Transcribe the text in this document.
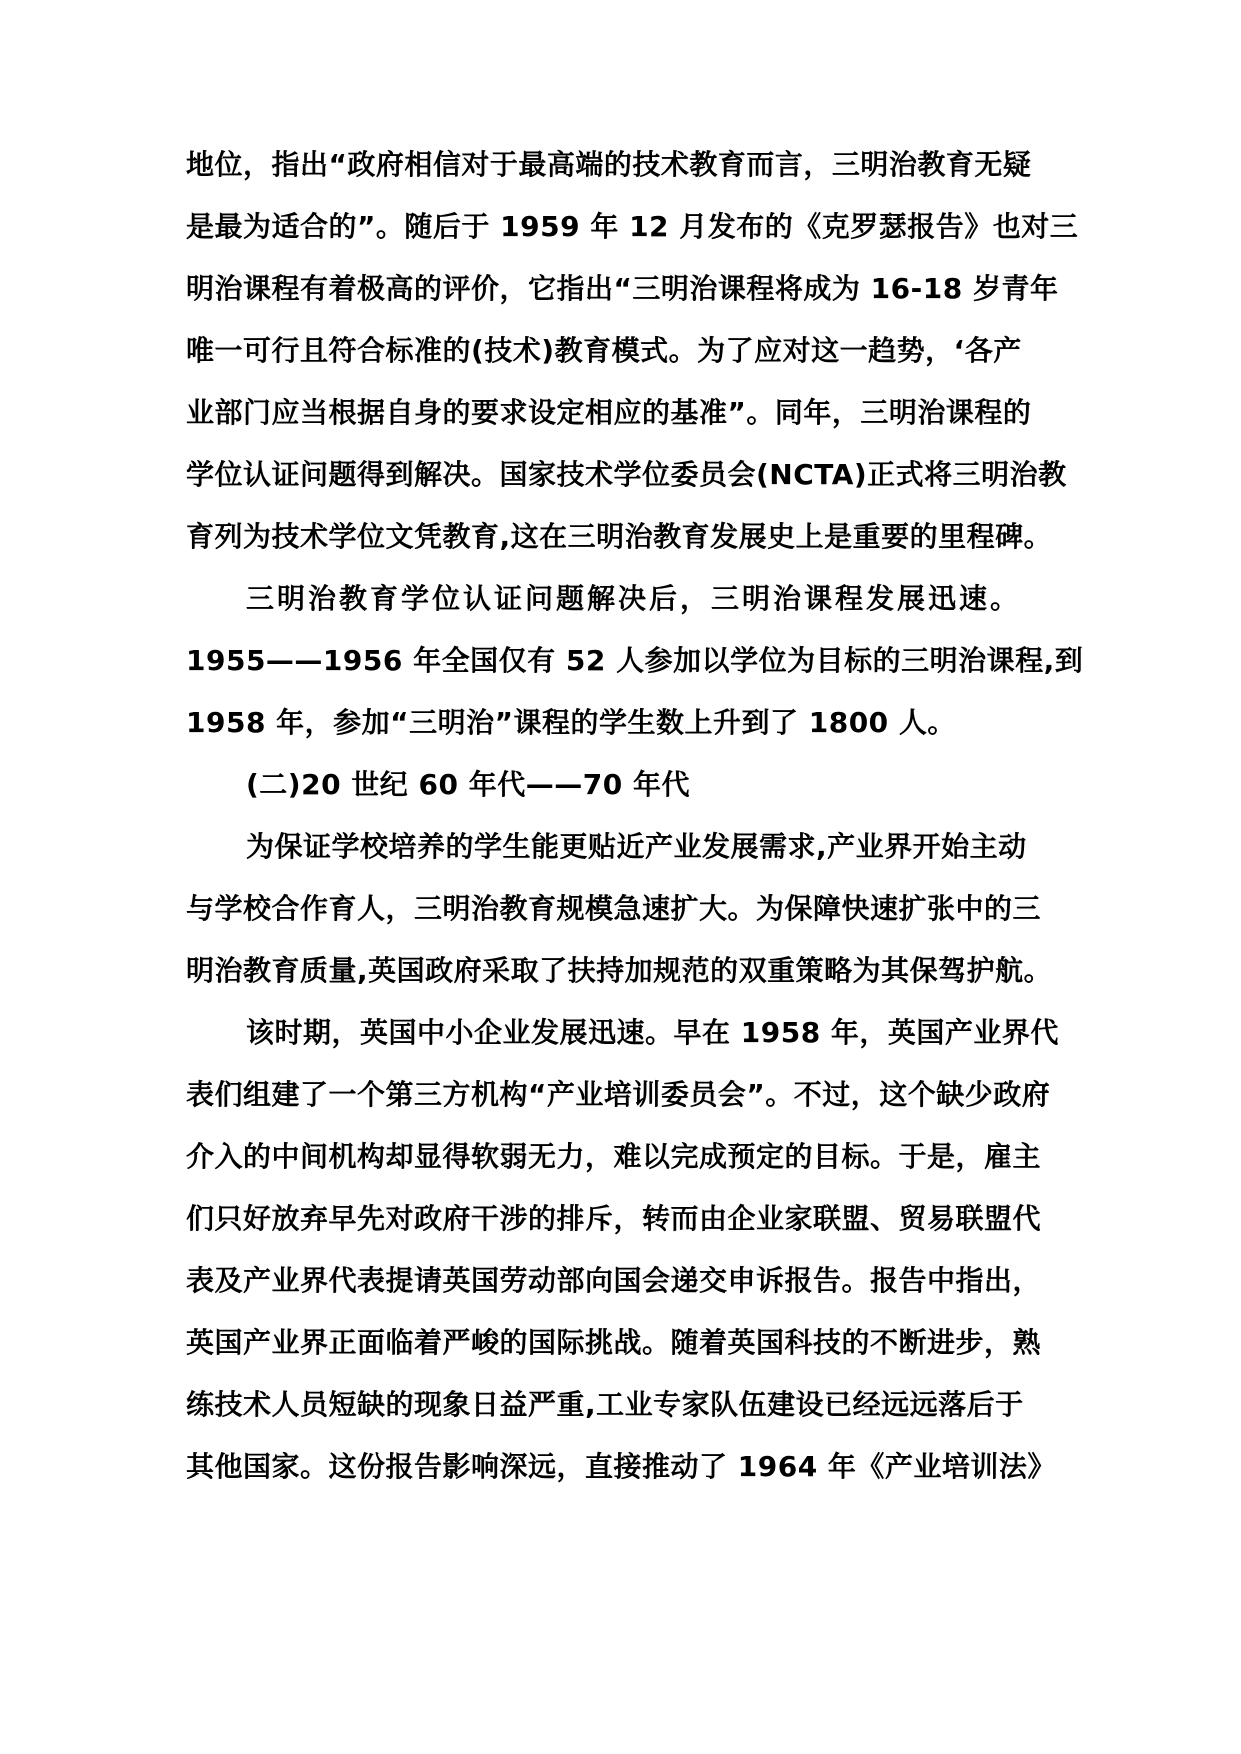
地位，指出“政府相信对于最高端的技术教育而言，三明治教育无疑
是最为适合的”。随后于 1959 年 12 月发布的《克罗瑟报告》也对三
明治课程有着极高的评价，它指出“三明治课程将成为 16-18 岁青年
唯一可行且符合标准的(技术)教育模式。为了应对这一趋势，‘各产
业部门应当根据自身的要求设定相应的基准”。同年，三明治课程的
学位认证问题得到解决。国家技术学位委员会(NCTA)正式将三明治教
育列为技术学位文凭教育,这在三明治教育发展史上是重要的里程碑。
三明治教育学位认证问题解决后，三明治课程发展迅速。
1955——1956 年全国仅有 52 人参加以学位为目标的三明治课程,到
1958 年，参加“三明治”课程的学生数上升到了 1800 人。
(二)20 世纪 60 年代——70 年代
为保证学校培养的学生能更贴近产业发展需求,产业界开始主动
与学校合作育人，三明治教育规模急速扩大。为保障快速扩张中的三
明治教育质量,英国政府采取了扶持加规范的双重策略为其保驾护航。
该时期，英国中小企业发展迅速。早在 1958 年，英国产业界代
表们组建了一个第三方机构“产业培训委员会”。不过，这个缺少政府
介入的中间机构却显得软弱无力，难以完成预定的目标。于是，雇主
们只好放弃早先对政府干涉的排斥，转而由企业家联盟、贸易联盟代
表及产业界代表提请英国劳动部向国会递交申诉报告。报告中指出，
英国产业界正面临着严峻的国际挑战。随着英国科技的不断进步，熟
练技术人员短缺的现象日益严重,工业专家队伍建设已经远远落后于
其他国家。这份报告影响深远，直接推动了 1964 年《产业培训法》
